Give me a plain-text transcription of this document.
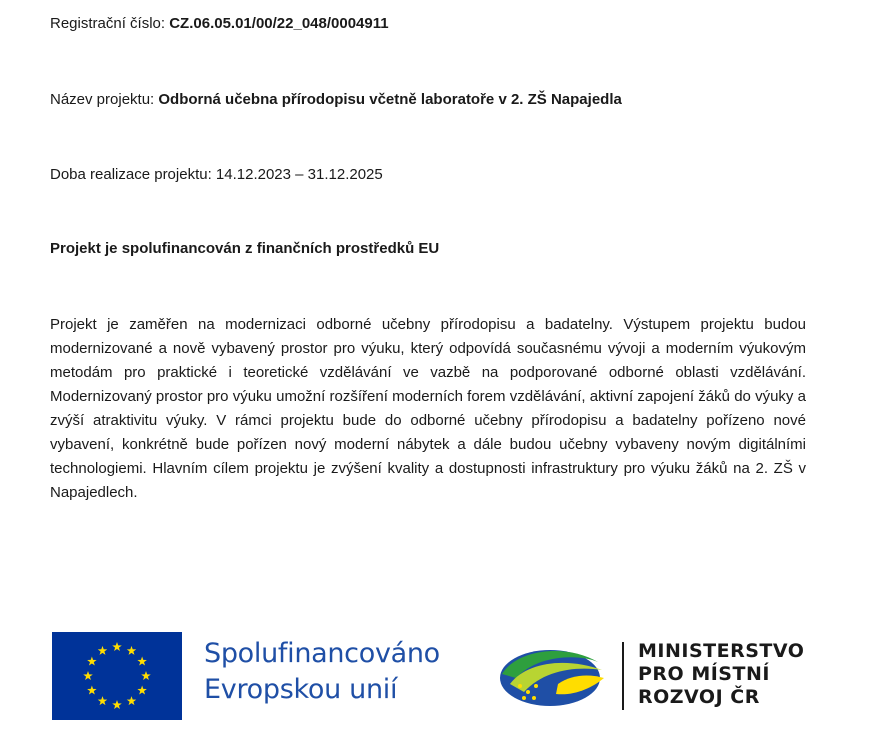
Registrační číslo: CZ.06.05.01/00/22_048/0004911
Název projektu: Odborná učebna přírodopisu včetně laboratoře v 2. ZŠ Napajedla
Doba realizace projektu: 14.12.2023 – 31.12.2025
Projekt je spolufinancován z finančních prostředků EU

Projekt je zaměřen na modernizaci odborné učebny přírodopisu a badatelny. Výstupem projektu budou modernizované a nově vybavený prostor pro výuku, který odpovídá současnému vývoji a moderním výukovým metodám pro praktické i teoretické vzdělávání ve vazbě na podporované odborné oblasti vzdělávání. Modernizovaný prostor pro výuku umožní rozšíření moderních forem vzdělávání, aktivní zapojení žáků do výuky a zvýší atraktivitu výuky. V rámci projektu bude do odborné učebny přírodopisu a badatelny pořízeno nové vybavení, konkrétně bude pořízen nový moderní nábytek a dále budou učebny vybaveny novým digitálními technologiemi. Hlavním cílem projektu je zvýšení kvality a dostupnosti infrastruktury pro výuku žáků na 2. ZŠ v Napajedlech.

Spolufinancováno
Evropskou unií
MINISTERSTVO
PRO MÍSTNÍ
ROZVOJ ČR
